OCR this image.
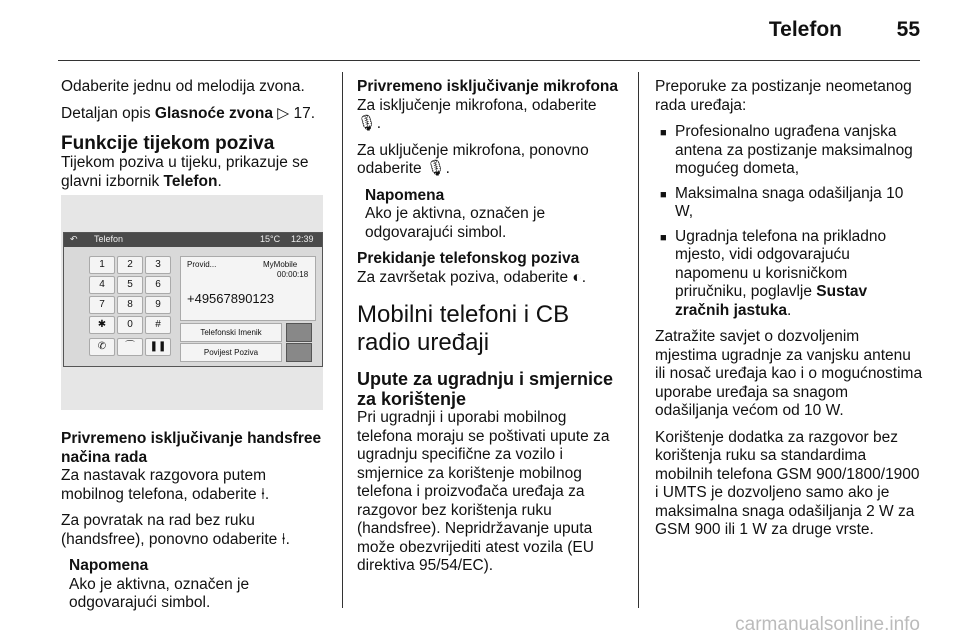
Telefon	55

Odaberite jednu od melodija zvona.

Detaljan opis Glasnoće zvona ▷ 17.

Funkcije tijekom poziva

Tijekom poziva u tijeku, prikazuje se glavni izbornik Telefon.

Privremeno isključivanje handsfree načina rada

Za nastavak razgovora putem mobilnog telefona, odaberite ⍿.

Za povratak na rad bez ruku (handsfree), ponovno odaberite ⍿.

Napomena
Ako je aktivna, označen je odgovarajući simbol.
↶ Telefon	15°C 12:39
1	2	3
4	5	6
7	8	9
✱	0	#
✆	⌒	❚❚
Provid...	MyMobile
00:00:18
+49567890123
Telefonski Imenik
Povijest Poziva

Privremeno isključivanje mikrofona

Za isključenje mikrofona, odaberite
🎙.

Za uključenje mikrofona, ponovno odaberite 🎙.

Napomena
Ako je aktivna, označen je odgovarajući simbol.

Prekidanje telefonskog poziva

Za završetak poziva, odaberite ◐.

Mobilni telefoni i CB radio uređaji
Upute za ugradnju i smjernice za korištenje

Pri ugradnji i uporabi mobilnog telefona moraju se poštivati upute za ugradnju specifične za vozilo i smjernice za korištenje mobilnog telefona i proizvođača uređaja za razgovor bez korištenja ruku (handsfree). Nepridržavanje uputa može obezvrijediti atest vozila (EU direktiva 95/54/EC).

Preporuke za postizanje neometanog rada uređaja:

■ Profesionalno ugrađena vanjska antena za postizanje maksimalnog mogućeg dometa,
■ Maksimalna snaga odašiljanja 10 W,
■ Ugradnja telefona na prikladno mjesto, vidi odgovarajuću napomenu u korisničkom priručniku, poglavlje Sustav zračnih jastuka.

Zatražite savjet o dozvoljenim mjestima ugradnje za vanjsku antenu ili nosač uređaja kao i o mogućnostima uporabe uređaja sa snagom odašiljanja većom od 10 W.

Korištenje dodatka za razgovor bez korištenja ruku sa standardima mobilnih telefona GSM 900/1800/1900 i UMTS je dozvoljeno samo ako je maksimalna snaga odašiljanja 2 W za GSM 900 ili 1 W za druge vrste.

carmanualsonline.info
